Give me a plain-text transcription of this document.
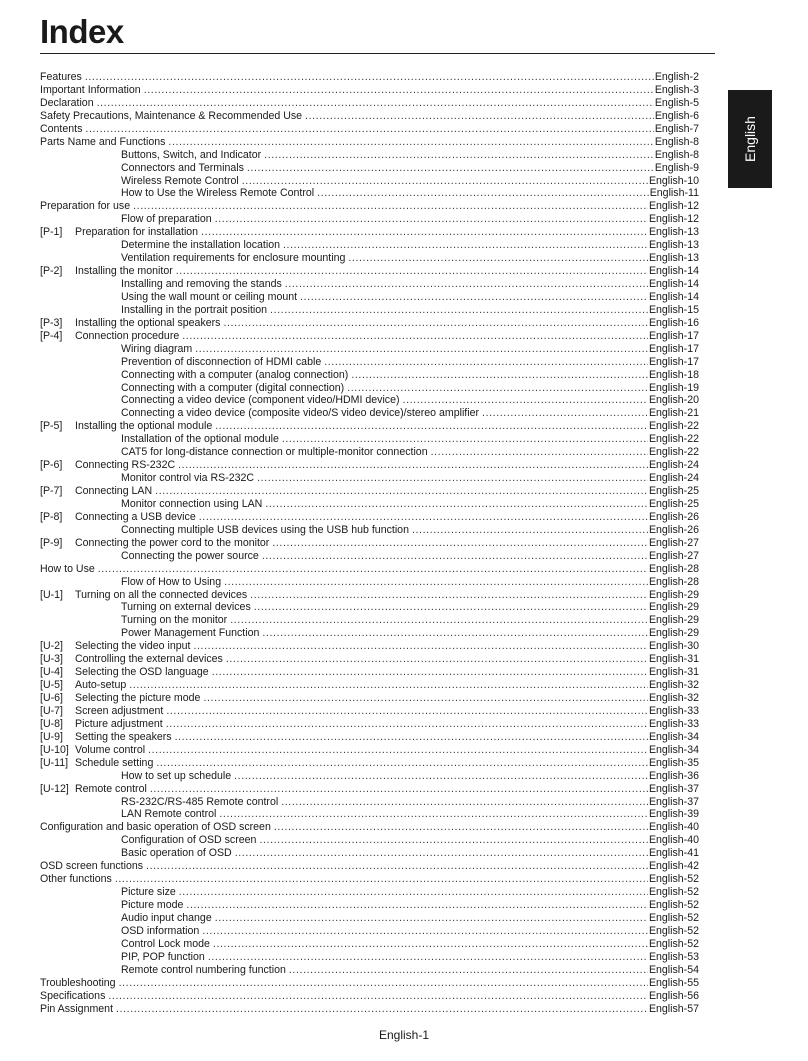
Index
English
Features .....	English-2
Important Information .....	English-3
Declaration .....	English-5
Safety Precautions, Maintenance & Recommended Use .....	English-6
Contents .....	English-7
Parts Name and Functions .....	English-8
Buttons, Switch, and Indicator .....	English-8
Connectors and Terminals .....	English-9
Wireless Remote Control .....	English-10
How to Use the Wireless Remote Control .....	English-11
Preparation for use .....	English-12
Flow of preparation .....	English-12
[P-1]	Preparation for installation .....	English-13
Determine the installation location .....	English-13
Ventilation requirements for enclosure mounting .....	English-13
[P-2]	Installing the monitor .....	English-14
Installing and removing the stands .....	English-14
Using the wall mount or ceiling mount .....	English-14
Installing in the portrait position .....	English-15
[P-3]	Installing the optional speakers .....	English-16
[P-4]	Connection procedure .....	English-17
Wiring diagram .....	English-17
Prevention of disconnection of HDMI cable .....	English-17
Connecting with a computer (analog connection) .....	English-18
Connecting with a computer (digital connection) .....	English-19
Connecting a video device (component video/HDMI device) .....	English-20
Connecting a video device (composite video/S video device)/stereo amplifier .....	English-21
[P-5]	Installing the optional module .....	English-22
Installation of the optional module .....	English-22
CAT5 for long-distance connection or multiple-monitor connection .....	English-22
[P-6]	Connecting RS-232C .....	English-24
Monitor control via RS-232C .....	English-24
[P-7]	Connecting LAN .....	English-25
Monitor connection using LAN .....	English-25
[P-8]	Connecting a USB device .....	English-26
Connecting multiple USB devices using the USB hub function .....	English-26
[P-9]	Connecting the power cord to the monitor .....	English-27
Connecting the power source .....	English-27
How to Use .....	English-28
Flow of How to Using .....	English-28
[U-1]	Turning on all the connected devices .....	English-29
Turning on external devices .....	English-29
Turning on the monitor .....	English-29
Power Management Function .....	English-29
[U-2]	Selecting the video input .....	English-30
[U-3]	Controlling the external devices .....	English-31
[U-4]	Selecting the OSD language .....	English-31
[U-5]	Auto-setup .....	English-32
[U-6]	Selecting the picture mode .....	English-32
[U-7]	Screen adjustment .....	English-33
[U-8]	Picture adjustment .....	English-33
[U-9]	Setting the speakers .....	English-34
[U-10] Volume control .....	English-34
[U-11] Schedule setting .....	English-35
How to set up schedule .....	English-36
[U-12] Remote control .....	English-37
RS-232C/RS-485 Remote control .....	English-37
LAN Remote control .....	English-39
Configuration and basic operation of OSD screen .....	English-40
Configuration of OSD screen .....	English-40
Basic operation of OSD .....	English-41
OSD screen functions .....	English-42
Other functions .....	English-52
Picture size .....	English-52
Picture mode .....	English-52
Audio input change .....	English-52
OSD information .....	English-52
Control Lock mode .....	English-52
PIP, POP function .....	English-53
Remote control numbering function .....	English-54
Troubleshooting .....	English-55
Specifications .....	English-56
Pin Assignment .....	English-57
English-1
